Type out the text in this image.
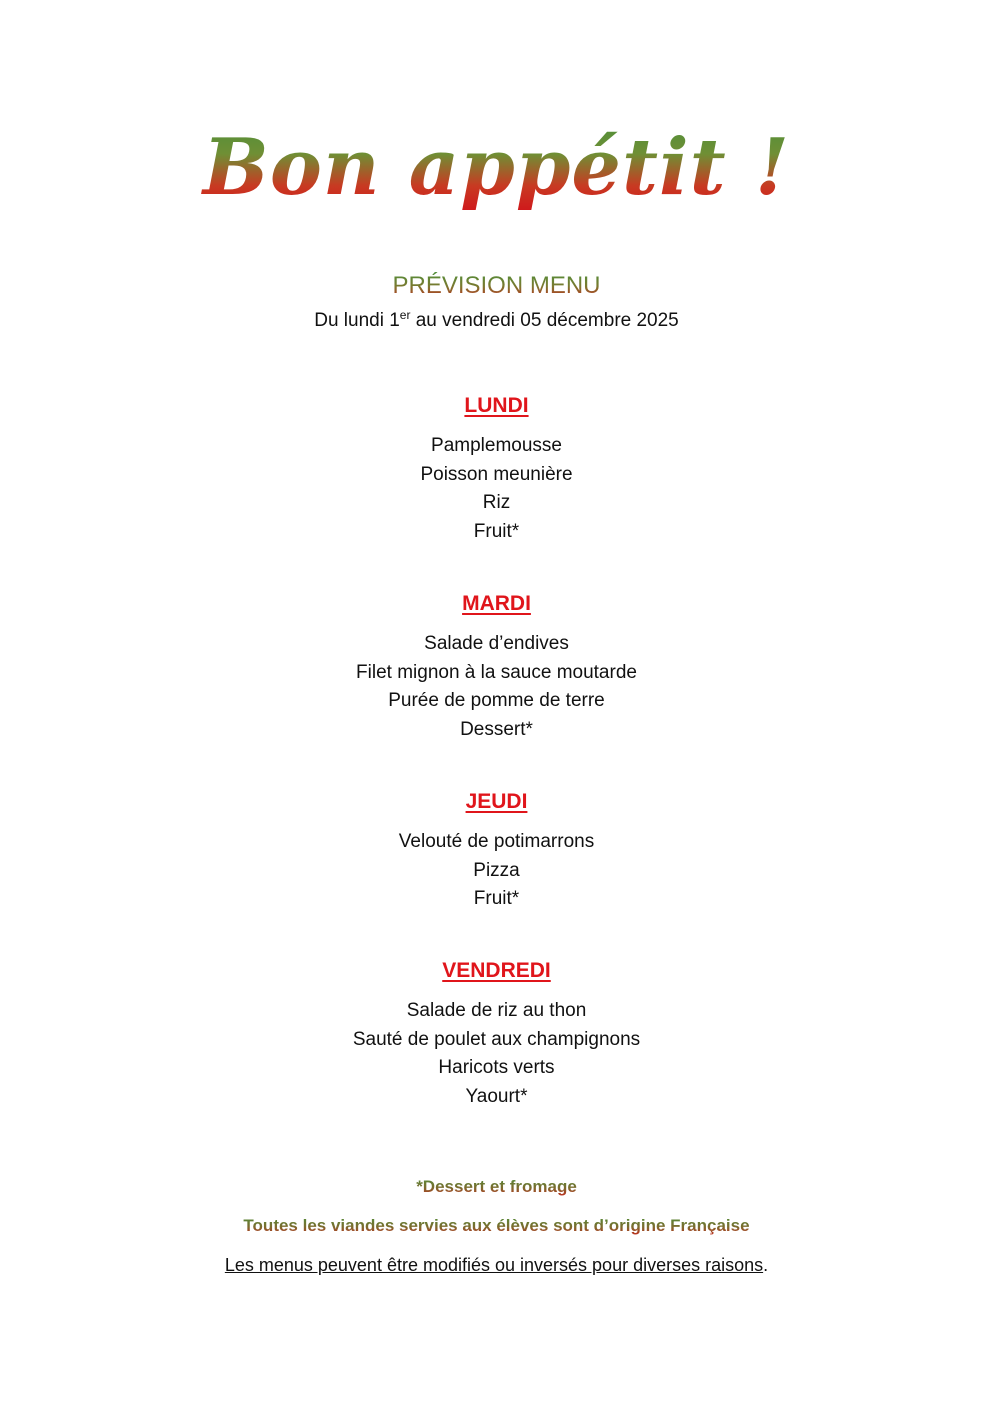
Bon appétit !
PRÉVISION MENU
Du lundi 1er au vendredi 05 décembre 2025
LUNDI
Pamplemousse
Poisson meunière
Riz
Fruit*
MARDI
Salade d’endives
Filet mignon à la sauce moutarde
Purée de pomme de terre
Dessert*
JEUDI
Velouté de potimarrons
Pizza
Fruit*
VENDREDI
Salade de riz au thon
Sauté de poulet aux champignons
Haricots verts
Yaourt*
*Dessert et fromage
Toutes les viandes servies aux élèves sont d’origine Française
Les menus peuvent être modifiés ou inversés pour diverses raisons.
